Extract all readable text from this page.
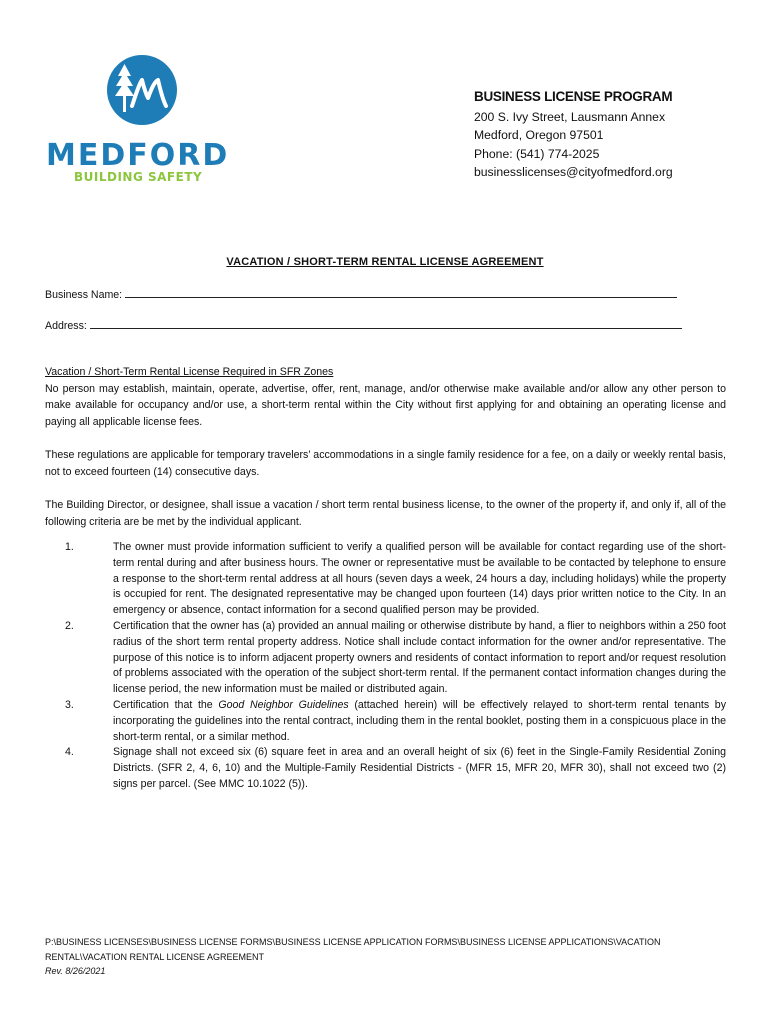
MEDFORD
BUILDING SAFETY
BUSINESS LICENSE PROGRAM
200 S. Ivy Street, Lausmann Annex
Medford, Oregon 97501
Phone: (541) 774-2025
businesslicenses@cityofmedford.org
VACATION / SHORT-TERM RENTAL LICENSE AGREEMENT
Business Name:
Address:
Vacation / Short-Term Rental License Required in SFR Zones

No person may establish, maintain, operate, advertise, offer, rent, manage, and/or otherwise make available and/or allow any other person to make available for occupancy and/or use, a short-term rental within the City without first applying for and obtaining an operating license and paying all applicable license fees.

These regulations are applicable for temporary travelers’ accommodations in a single family residence for a fee, on a daily or weekly rental basis, not to exceed fourteen (14) consecutive days.

The Building Director, or designee, shall issue a vacation / short term rental business license, to the owner of the property if, and only if, all of the following criteria are be met by the individual applicant.

1.	The owner must provide information sufficient to verify a qualified person will be available for contact regarding use of the short-term rental during and after business hours. The owner or representative must be available to be contacted by telephone to ensure a response to the short-term rental address at all hours (seven days a week, 24 hours a day, including holidays) while the property is occupied for rent. The designated representative may be changed upon fourteen (14) days prior written notice to the City. In an emergency or absence, contact information for a second qualified person may be provided.
2.	Certification that the owner has (a) provided an annual mailing or otherwise distribute by hand, a flier to neighbors within a 250 foot radius of the short term rental property address. Notice shall include contact information for the owner and/or representative. The purpose of this notice is to inform adjacent property owners and residents of contact information to report and/or request resolution of problems associated with the operation of the subject short-term rental. If the permanent contact information changes during the license period, the new information must be mailed or distributed again.
3.	Certification that the Good Neighbor Guidelines (attached herein) will be effectively relayed to short-term rental tenants by incorporating the guidelines into the rental contract, including them in the rental booklet, posting them in a conspicuous place in the short-term rental, or a similar method.
4.	Signage shall not exceed six (6) square feet in area and an overall height of six (6) feet in the Single-Family Residential Zoning Districts. (SFR 2, 4, 6, 10) and the Multiple-Family Residential Districts - (MFR 15, MFR 20, MFR 30), shall not exceed two (2) signs per parcel. (See MMC 10.1022 (5)).
P:\BUSINESS LICENSES\BUSINESS LICENSE FORMS\BUSINESS LICENSE APPLICATION FORMS\BUSINESS LICENSE APPLICATIONS\VACATION
RENTAL\VACATION RENTAL LICENSE AGREEMENT
Rev. 8/26/2021
